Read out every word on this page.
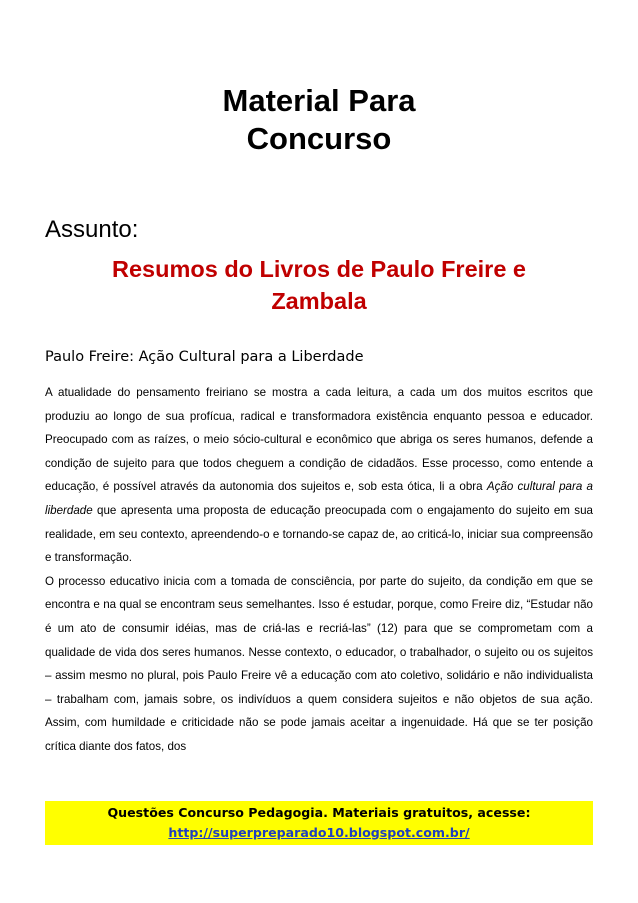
Material Para
Concurso
Assunto:
Resumos do Livros de Paulo Freire e
Zambala
Paulo Freire: Ação Cultural para a Liberdade

A atualidade do pensamento freiriano se mostra a cada leitura, a cada um dos muitos escritos que produziu ao longo de sua profícua, radical e transformadora existência enquanto pessoa e educador. Preocupado com as raízes, o meio sócio-cultural e econômico que abriga os seres humanos, defende a condição de sujeito para que todos cheguem a condição de cidadãos. Esse processo, como entende a educação, é possível através da autonomia dos sujeitos e, sob esta ótica, li a obra Ação cultural para a liberdade que apresenta uma proposta de educação preocupada com o engajamento do sujeito em sua realidade, em seu contexto, apreendendo-o e tornando-se capaz de, ao criticá-lo, iniciar sua compreensão e transformação.

O processo educativo inicia com a tomada de consciência, por parte do sujeito, da condição em que se encontra e na qual se encontram seus semelhantes. Isso é estudar, porque, como Freire diz, “Estudar não é um ato de consumir idéias, mas de criá-las e recriá-las” (12) para que se comprometam com a qualidade de vida dos seres humanos. Nesse contexto, o educador, o trabalhador, o sujeito ou os sujeitos – assim mesmo no plural, pois Paulo Freire vê a educação com ato coletivo, solidário e não individualista – trabalham com, jamais sobre, os indivíduos a quem considera sujeitos e não objetos de sua ação. Assim, com humildade e criticidade não se pode jamais aceitar a ingenuidade. Há que se ter posição crítica diante dos fatos, dos

Questões Concurso Pedagogia. Materiais gratuitos, acesse:
http://superpreparado10.blogspot.com.br/
